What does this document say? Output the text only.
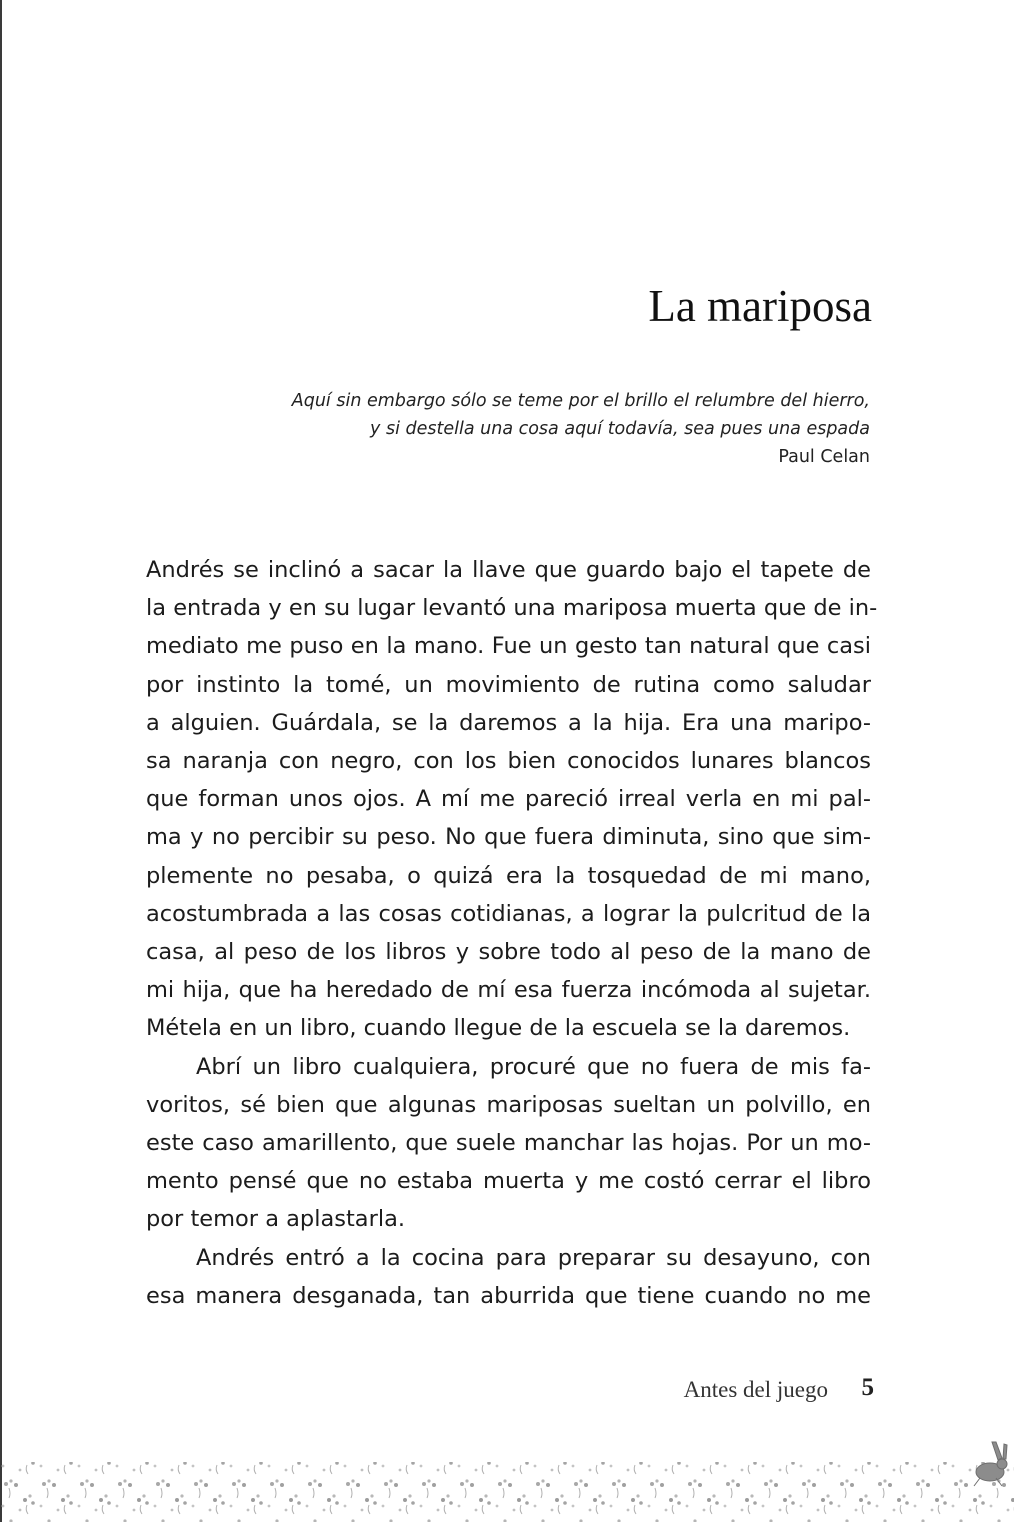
La mariposa
Aquí sin embargo sólo se teme por el brillo el relumbre del hierro,
y si destella una cosa aquí todavía, sea pues una espada
Paul Celan
Andrés se inclinó a sacar la llave que guardo bajo el tapete de
la entrada y en su lugar levantó una mariposa muerta que de in-
mediato me puso en la mano. Fue un gesto tan natural que casi
por instinto la tomé, un movimiento de rutina como saludar
a alguien. Guárdala, se la daremos a la hija. Era una maripo-
sa naranja con negro, con los bien conocidos lunares blancos
que forman unos ojos. A mí me pareció irreal verla en mi pal-
ma y no percibir su peso. No que fuera diminuta, sino que sim-
plemente no pesaba, o quizá era la tosquedad de mi mano,
acostumbrada a las cosas cotidianas, a lograr la pulcritud de la
casa, al peso de los libros y sobre todo al peso de la mano de
mi hija, que ha heredado de mí esa fuerza incómoda al sujetar.
Métela en un libro, cuando llegue de la escuela se la daremos.
Abrí un libro cualquiera, procuré que no fuera de mis fa-
voritos, sé bien que algunas mariposas sueltan un polvillo, en
este caso amarillento, que suele manchar las hojas. Por un mo-
mento pensé que no estaba muerta y me costó cerrar el libro
por temor a aplastarla.
Andrés entró a la cocina para preparar su desayuno, con
esa manera desganada, tan aburrida que tiene cuando no me
Antes del juego 5
